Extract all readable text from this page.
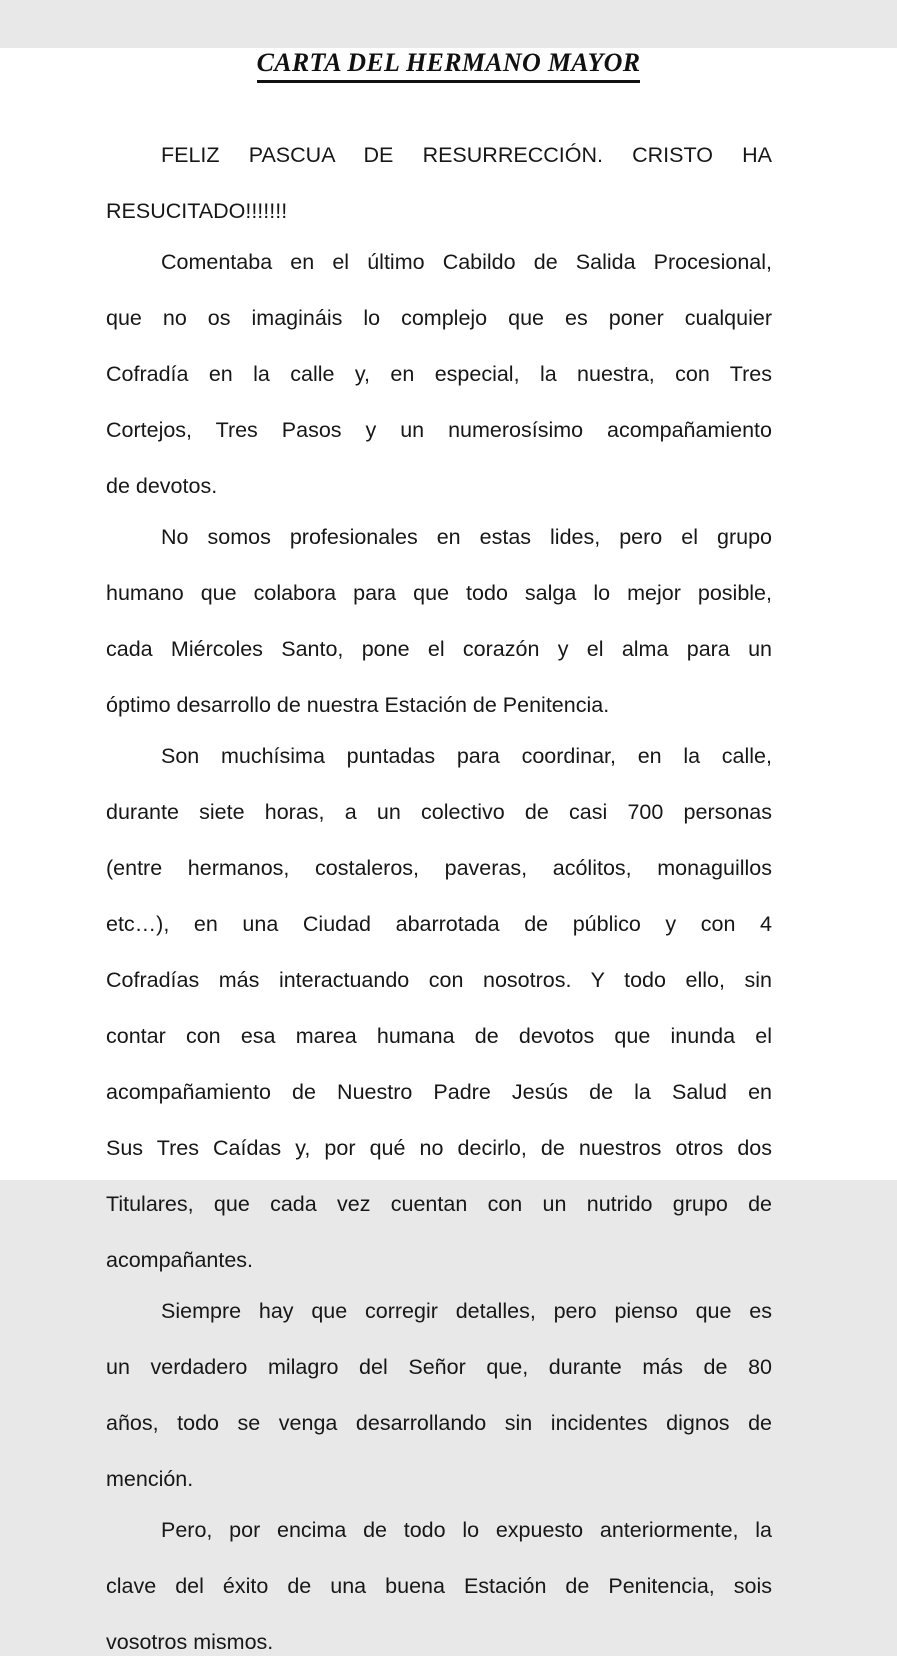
CARTA DEL HERMANO MAYOR
FELIZ PASCUA DE RESURRECCIÓN. CRISTO HA
RESUCITADO!!!!!!!
Comentaba en el último Cabildo de Salida Procesional,
que no os imagináis lo complejo que es poner cualquier
Cofradía en la calle y, en especial, la nuestra, con Tres
Cortejos, Tres Pasos y un numerosísimo acompañamiento
de devotos.
No somos profesionales en estas lides, pero el grupo
humano que colabora para que todo salga lo mejor posible,
cada Miércoles Santo, pone el corazón y el alma para un
óptimo desarrollo de nuestra Estación de Penitencia.
Son muchísima puntadas para coordinar, en la calle,
durante siete horas, a un colectivo de casi 700 personas
(entre hermanos, costaleros, paveras, acólitos, monaguillos
etc…), en una Ciudad abarrotada de público y con 4
Cofradías más interactuando con nosotros. Y todo ello, sin
contar con esa marea humana de devotos que inunda el
acompañamiento de Nuestro Padre Jesús de la Salud en
Sus Tres Caídas y, por qué no decirlo, de nuestros otros dos
Titulares, que cada vez cuentan con un nutrido grupo de
acompañantes.
Siempre hay que corregir detalles, pero pienso que es
un verdadero milagro del Señor que, durante más de 80
años, todo se venga desarrollando sin incidentes dignos de
mención.
Pero, por encima de todo lo expuesto anteriormente, la
clave del éxito de una buena Estación de Penitencia, sois
vosotros mismos.
